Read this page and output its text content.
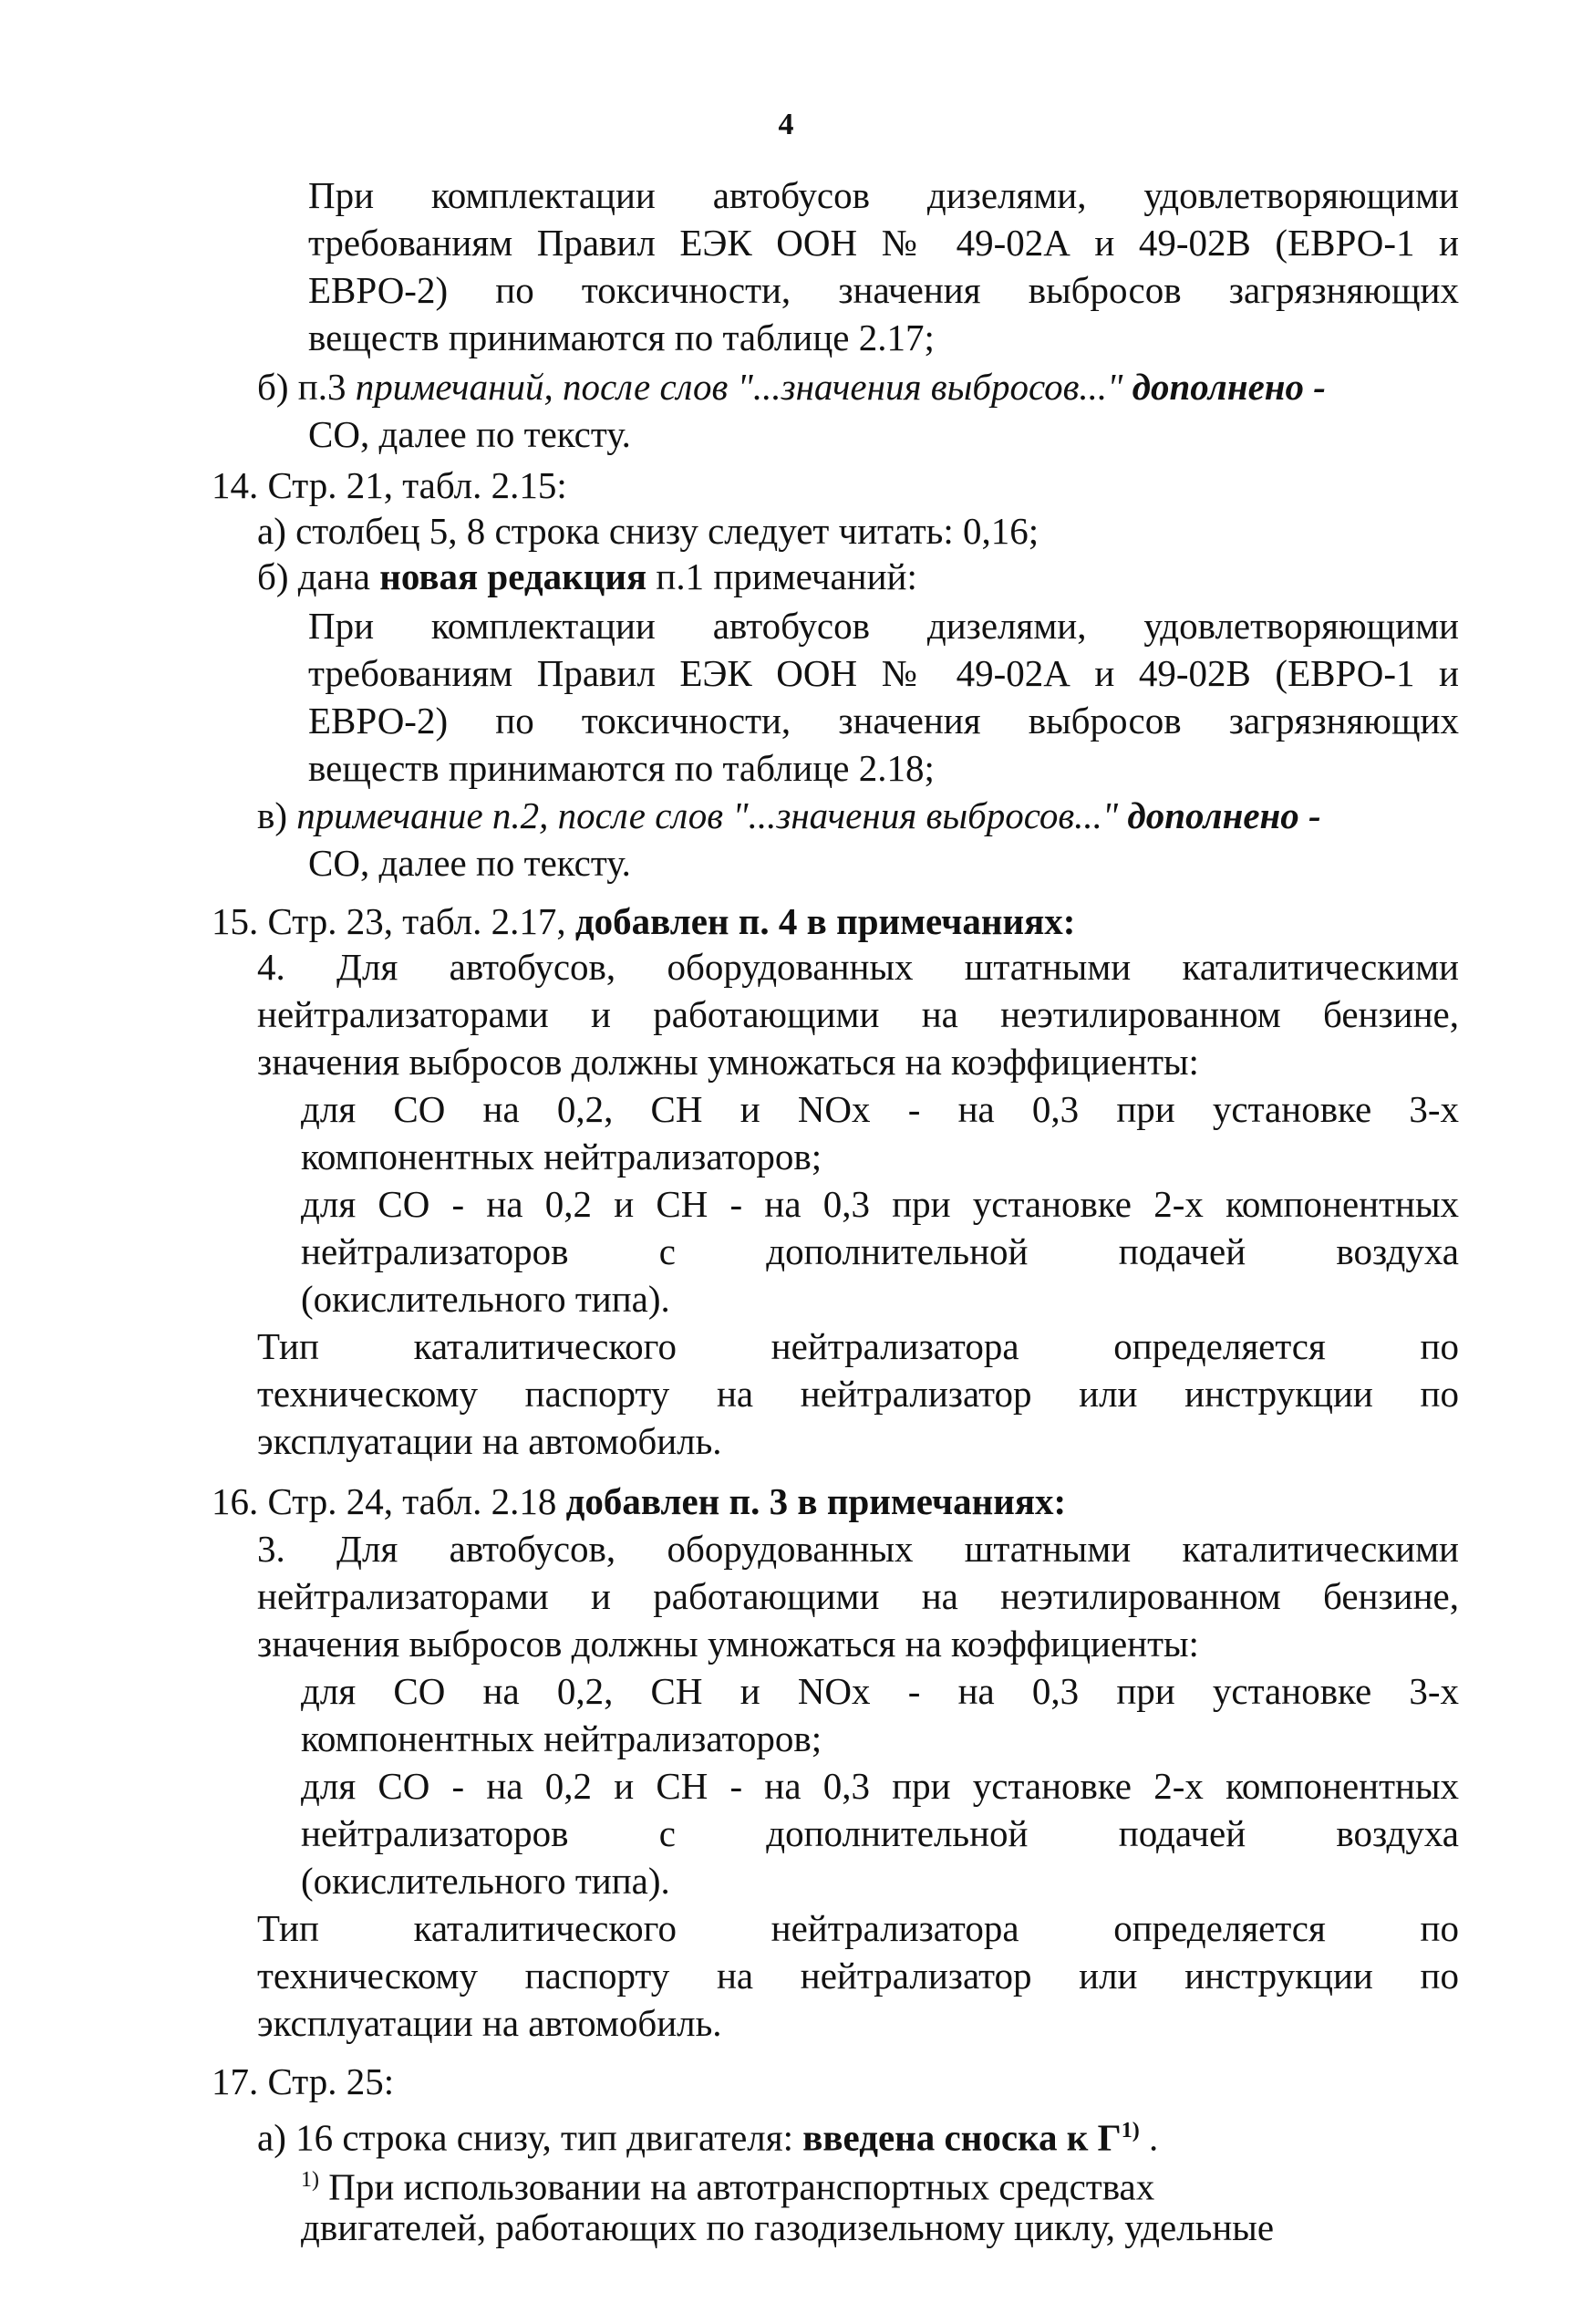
4
При комплектации автобусов дизелями, удовлетворяющими
требованиям Правил ЕЭК ООН № 49-02А и 49-02В (ЕВРО-1 и
ЕВРО-2) по токсичности, значения выбросов загрязняющих
веществ принимаются по таблице 2.17;
б) п.3 примечаний, после слов "...значения выбросов..." дополнено -
СО, далее по тексту.
14. Стр. 21, табл. 2.15:
а) столбец 5, 8 строка снизу следует читать: 0,16;
б) дана новая редакция п.1 примечаний:
При комплектации автобусов дизелями, удовлетворяющими
требованиям Правил ЕЭК ООН № 49-02А и 49-02В (ЕВРО-1 и
ЕВРО-2) по токсичности, значения выбросов загрязняющих
веществ принимаются по таблице 2.18;
в) примечание п.2, после слов "...значения выбросов..." дополнено -
СО, далее по тексту.
15. Стр. 23, табл. 2.17, добавлен п. 4 в примечаниях:
4. Для автобусов, оборудованных штатными каталитическими
нейтрализаторами и работающими на неэтилированном бензине,
значения выбросов должны умножаться на коэффициенты:
для СО на 0,2, СН и NOx - на 0,3 при установке 3-х
компонентных нейтрализаторов;
для СО - на 0,2 и СН - на 0,3 при установке 2-х компонентных
нейтрализаторов с дополнительной подачей воздуха
(окислительного типа).
Тип каталитического нейтрализатора определяется по
техническому паспорту на нейтрализатор или инструкции по
эксплуатации на автомобиль.
16. Стр. 24, табл. 2.18 добавлен п. 3 в примечаниях:
3. Для автобусов, оборудованных штатными каталитическими
нейтрализаторами и работающими на неэтилированном бензине,
значения выбросов должны умножаться на коэффициенты:
для СО на 0,2, СН и NOx - на 0,3 при установке 3-х
компонентных нейтрализаторов;
для СО - на 0,2 и СН - на 0,3 при установке 2-х компонентных
нейтрализаторов с дополнительной подачей воздуха
(окислительного типа).
Тип каталитического нейтрализатора определяется по
техническому паспорту на нейтрализатор или инструкции по
эксплуатации на автомобиль.
17. Стр. 25:
а) 16 строка снизу, тип двигателя: введена сноска к $Г^{1)}$ .
$^{1)}$ При использовании на автотранспортных средствах
двигателей, работающих по газодизельному циклу, удельные
